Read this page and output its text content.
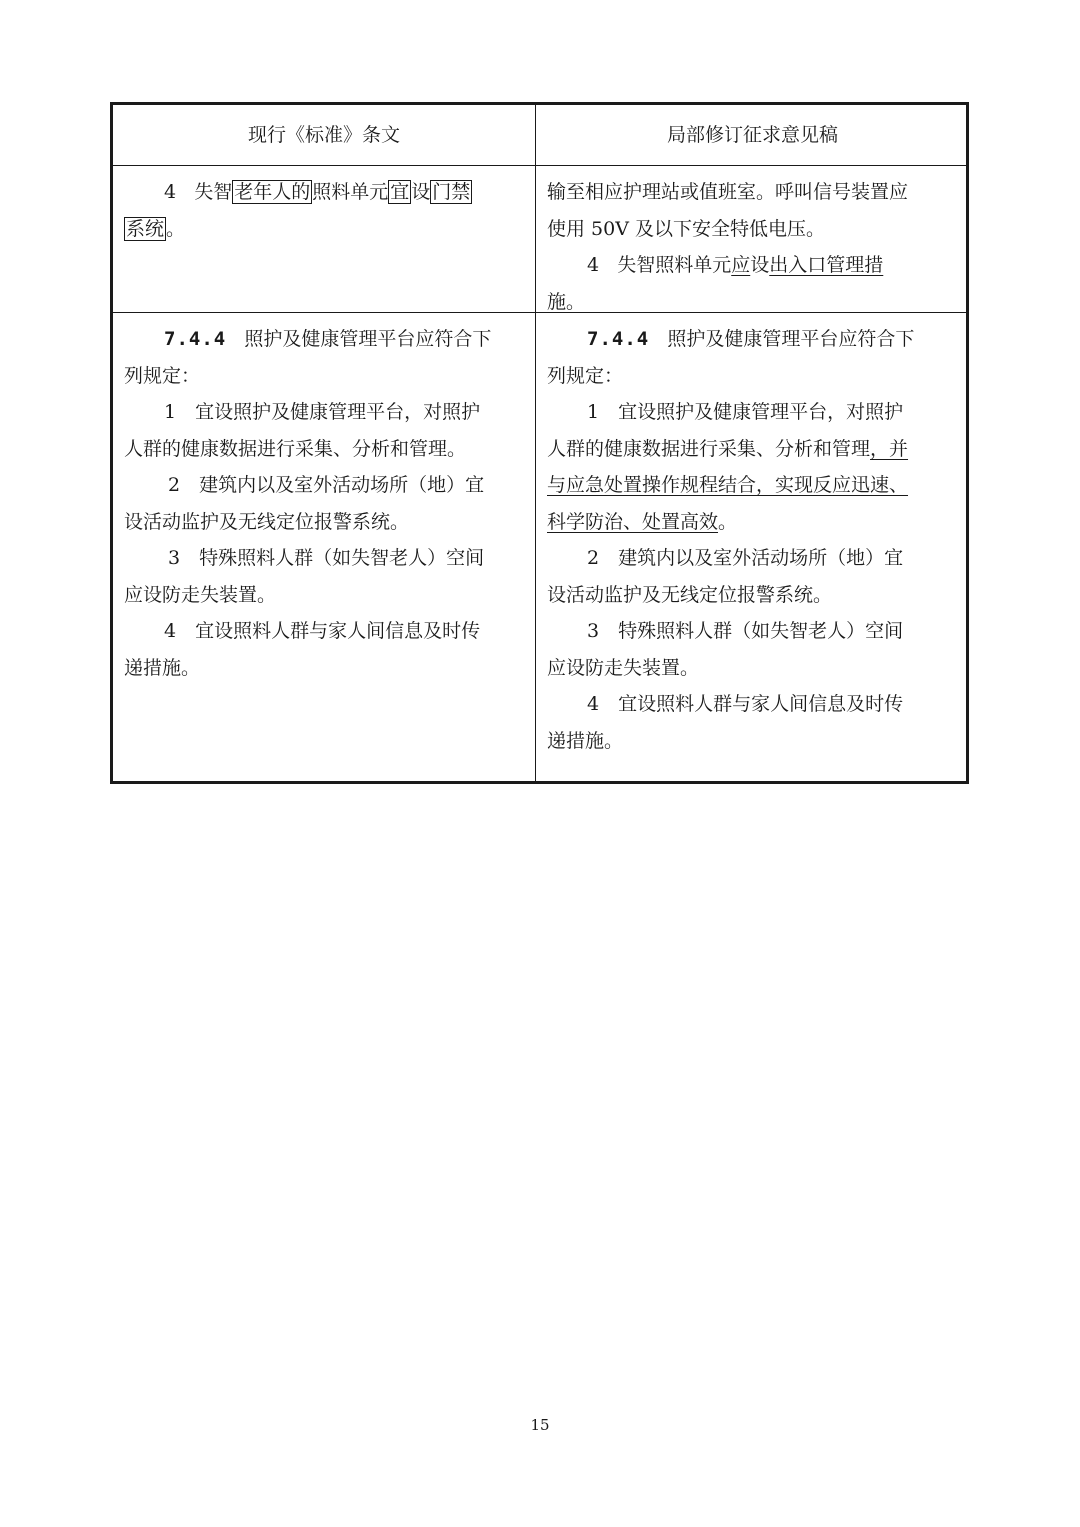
现行《标准》条文	局部修订征求意见稿
4 失智 老年人的 照料单元 宜 设 门禁
系统 。
输至相应护理站或值班室。呼叫信号装置应
使用 50V 及以下安全特低电压。
4 失智照料单元应设出入口管理措
施。
7.4.4 照护及健康管理平台应符合下
列规定：
1　宜设照护及健康管理平台，对照护
人群的健康数据进行采集、分析和管理。
2　建筑内以及室外活动场所（地）宜
设活动监护及无线定位报警系统。
3　特殊照料人群（如失智老人）空间
应设防走失装置。
4　宜设照料人群与家人间信息及时传
递措施。
7.4.4 照护及健康管理平台应符合下
列规定：
1　宜设照护及健康管理平台，对照护
人群的健康数据进行采集、分析和管理，并
与应急处置操作规程结合，实现反应迅速、
科学防治、处置高效。
2　建筑内以及室外活动场所（地）宜
设活动监护及无线定位报警系统。
3　特殊照料人群（如失智老人）空间
应设防走失装置。
4　宜设照料人群与家人间信息及时传
递措施。
15
